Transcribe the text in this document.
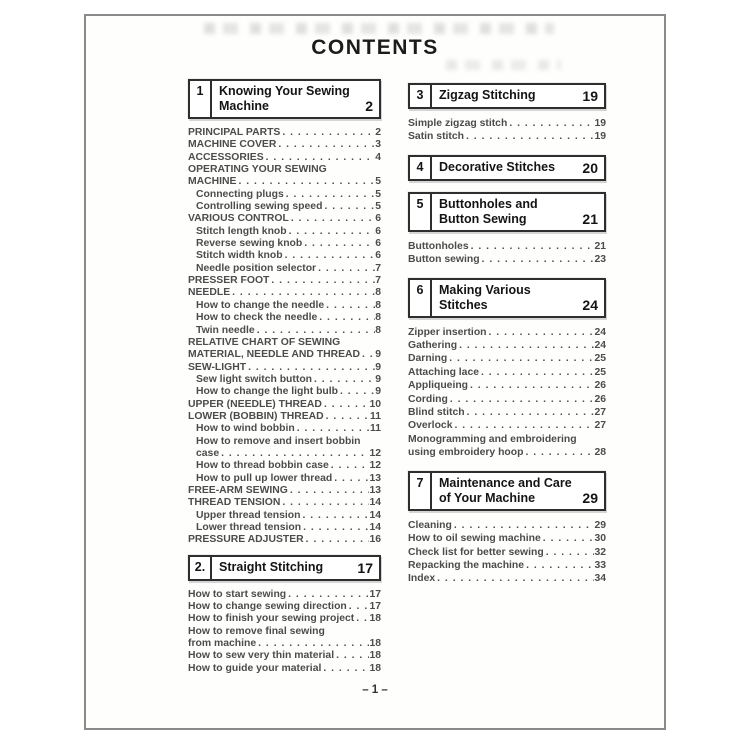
CONTENTS
1	Knowing Your Sewing
Machine	2
PRINCIPAL PARTS . . .	2
MACHINE COVER . . .	3
ACCESSORIES . . .	4
OPERATING YOUR SEWING
MACHINE . . .	5
Connecting plugs . . .	5
Controlling sewing speed . . .	5
VARIOUS CONTROL . . .	6
Stitch length knob . . .	6
Reverse sewing knob . . .	6
Stitch width knob . . .	6
Needle position selector . . .	7
PRESSER FOOT . . .	7
NEEDLE . . .	8
How to change the needle . . .	8
How to check the needle . . .	8
Twin needle . . .	8
RELATIVE CHART OF SEWING
MATERIAL, NEEDLE AND THREAD . . . 9
SEW-LIGHT . . .	9
Sew light switch button . . .	9
How to change the light bulb . . .	9
UPPER (NEEDLE) THREAD . . .	10
LOWER (BOBBIN) THREAD . . .	11
How to wind bobbin . . .	11
How to remove and insert bobbin
case . . .	12
How to thread bobbin case . . .	12
How to pull up lower thread . . .	13
FREE-ARM SEWING . . .	13
THREAD TENSION . . .	14
Upper thread tension . . .	14
Lower thread tension . . .	14
PRESSURE ADJUSTER . . .	16
2.	Straight Stitching	17
How to start sewing . . .	17
How to change sewing direction . . . 17
How to finish your sewing project . . . 18
How to remove final sewing
from machine . . .	18
How to sew very thin material . . .	18
How to guide your material . . .	18
3	Zigzag Stitching	19
Simple zigzag stitch . . .	19
Satin stitch . . .	19
4	Decorative Stitches	20
5	Buttonholes and
Button Sewing	21
Buttonholes . . .	21
Button sewing . . .	23
6	Making Various
Stitches	24
Zipper insertion . . .	24
Gathering . . .	24
Darning . . .	25
Attaching lace . . .	25
Appliqueing . . .	26
Cording . . .	26
Blind stitch . . .	27
Overlock . . .	27
Monogramming and embroidering
using embroidery hoop . . .	28
7	Maintenance and Care
of Your Machine	29
Cleaning . . .	29
How to oil sewing machine . . .	30
Check list for better sewing . . .	32
Repacking the machine . . .	33
Index . . .	34
– 1 –
